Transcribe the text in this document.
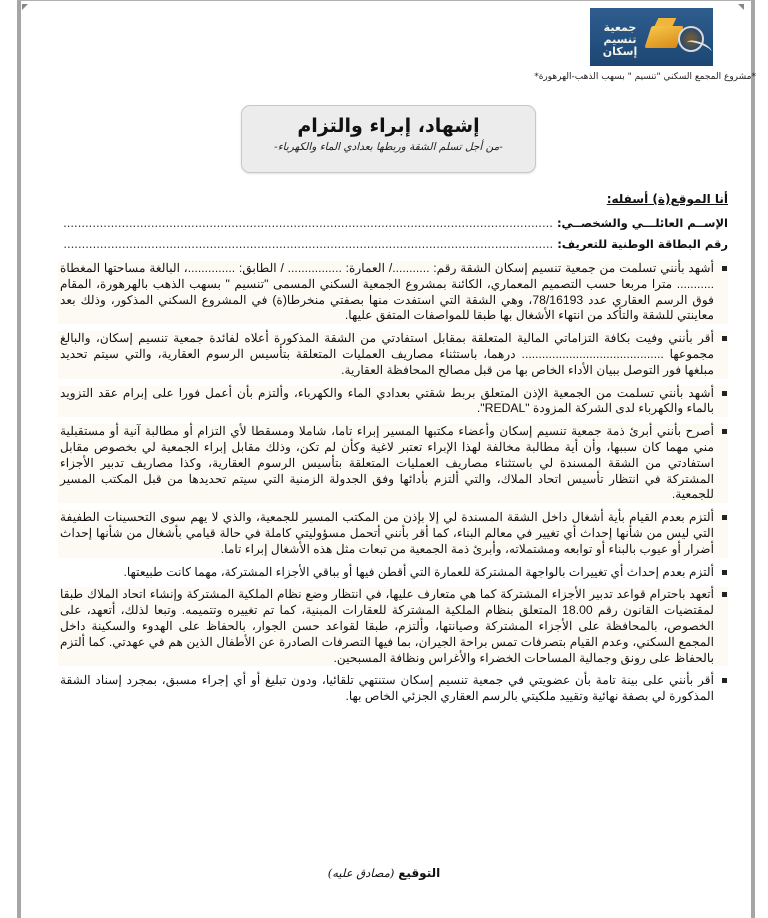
جمعية تنسيم إسكان
*مشروع المجمع السكني "تنسيم " بسهب الذهب-الهرهورة*
إشهاد، إبراء والتزام
-من أجل تسلم الشقة وربطها بعدادي الماء والكهرباء-
أنا الموقع(ة) أسفله:
الإســم العائلـــي والشخصــي: ......................................................................................................................................
رقم البطاقة الوطنية للتعريف: ......................................................................................................................................
أشهد بأنني تسلمت من جمعية تنسيم إسكان الشقة رقم: .........../ العمارة: ................ / الطابق: ..............، البالغة مساحتها المغطاة ........... مترا مربعا حسب التصميم المعماري، الكائنة بمشروع الجمعية السكني المسمى "تنسيم " بسهب الذهب بالهرهورة، المقام فوق الرسم العقاري عدد 78/16193، وهي الشقة التي استفدت منها بصفتي منخرطا(ة) في المشروع السكني المذكور، وذلك بعد معاينتي للشقة والتأكد من انتهاء الأشغال بها طبقا للمواصفات المتفق عليها.
أقر بأنني وفيت بكافة التزاماتي المالية المتعلقة بمقابل استفادتي من الشقة المذكورة أعلاه لفائدة جمعية تنسيم إسكان، والبالغ مجموعها .......................................... درهما، باستثناء مصاريف العمليات المتعلقة بتأسيس الرسوم العقارية، والتي سيتم تحديد مبلغها فور التوصل ببيان الأداء الخاص بها من قبل مصالح المحافظة العقارية.
أشهد بأنني تسلمت من الجمعية الإذن المتعلق بربط شقتي بعدادي الماء والكهرباء، وألتزم بأن أعمل فورا على إبرام عقد التزويد بالماء والكهرباء لدى الشركة المزودة "REDAL".
أصرح بأنني أبرئ ذمة جمعية تنسيم إسكان وأعضاء مكتبها المسير إبراء تاما، شاملا ومسقطا لأي التزام أو مطالبة آنية أو مستقبلية مني مهما كان سببها، وأن أية مطالبة مخالفة لهذا الإبراء تعتبر لاغية وكأن لم تكن، وذلك مقابل إبراء الجمعية لي بخصوص مقابل استفادتي من الشقة المسندة لي باستثناء مصاريف العمليات المتعلقة بتأسيس الرسوم العقارية، وكذا مصاريف تدبير الأجزاء المشتركة في انتظار تأسيس اتحاد الملاك، والتي ألتزم بأدائها وفق الجدولة الزمنية التي سيتم تحديدها من قبل المكتب المسير للجمعية.
ألتزم بعدم القيام بأية أشغال داخل الشقة المسندة لي إلا بإذن من المكتب المسير للجمعية، والذي لا يهم سوى التحسينات الطفيفة التي ليس من شأنها إحداث أي تغيير في معالم البناء، كما أقر بأنني أتحمل مسؤوليتي كاملة في حالة قيامي بأشغال من شأنها إحداث أضرار أو عيوب بالبناء أو توابعه ومشتملاته، وأبرئ ذمة الجمعية من تبعات مثل هذه الأشغال إبراء تاما.
ألتزم بعدم إحداث أي تغييرات بالواجهة المشتركة للعمارة التي أقطن فيها أو بباقي الأجزاء المشتركة، مهما كانت طبيعتها.
أتعهد باحترام قواعد تدبير الأجزاء المشتركة كما هي متعارف عليها، في انتظار وضع نظام الملكية المشتركة وإنشاء اتحاد الملاك طبقا لمقتضيات القانون رقم 18.00 المتعلق بنظام الملكية المشتركة للعقارات المبنية، كما تم تغييره وتتميمه. وتبعا لذلك، أتعهد، على الخصوص، بالمحافظة على الأجزاء المشتركة وصيانتها، وألتزم، طبقا لقواعد حسن الجوار، بالحفاظ على الهدوء والسكينة داخل المجمع السكني، وعدم القيام بتصرفات تمس براحة الجيران، بما فيها التصرفات الصادرة عن الأطفال الذين هم في عهدتي. كما ألتزم بالحفاظ على رونق وجمالية المساحات الخضراء والأغراس ونظافة المسبحين.
أقر بأنني على بينة تامة بأن عضويتي في جمعية تنسيم إسكان ستنتهي تلقائيا، ودون تبليغ أو أي إجراء مسبق، بمجرد إسناد الشقة المذكورة لي بصفة نهائية وتقييد ملكيتي بالرسم العقاري الجزئي الخاص بها.
التوقيع (مصادق عليه)
